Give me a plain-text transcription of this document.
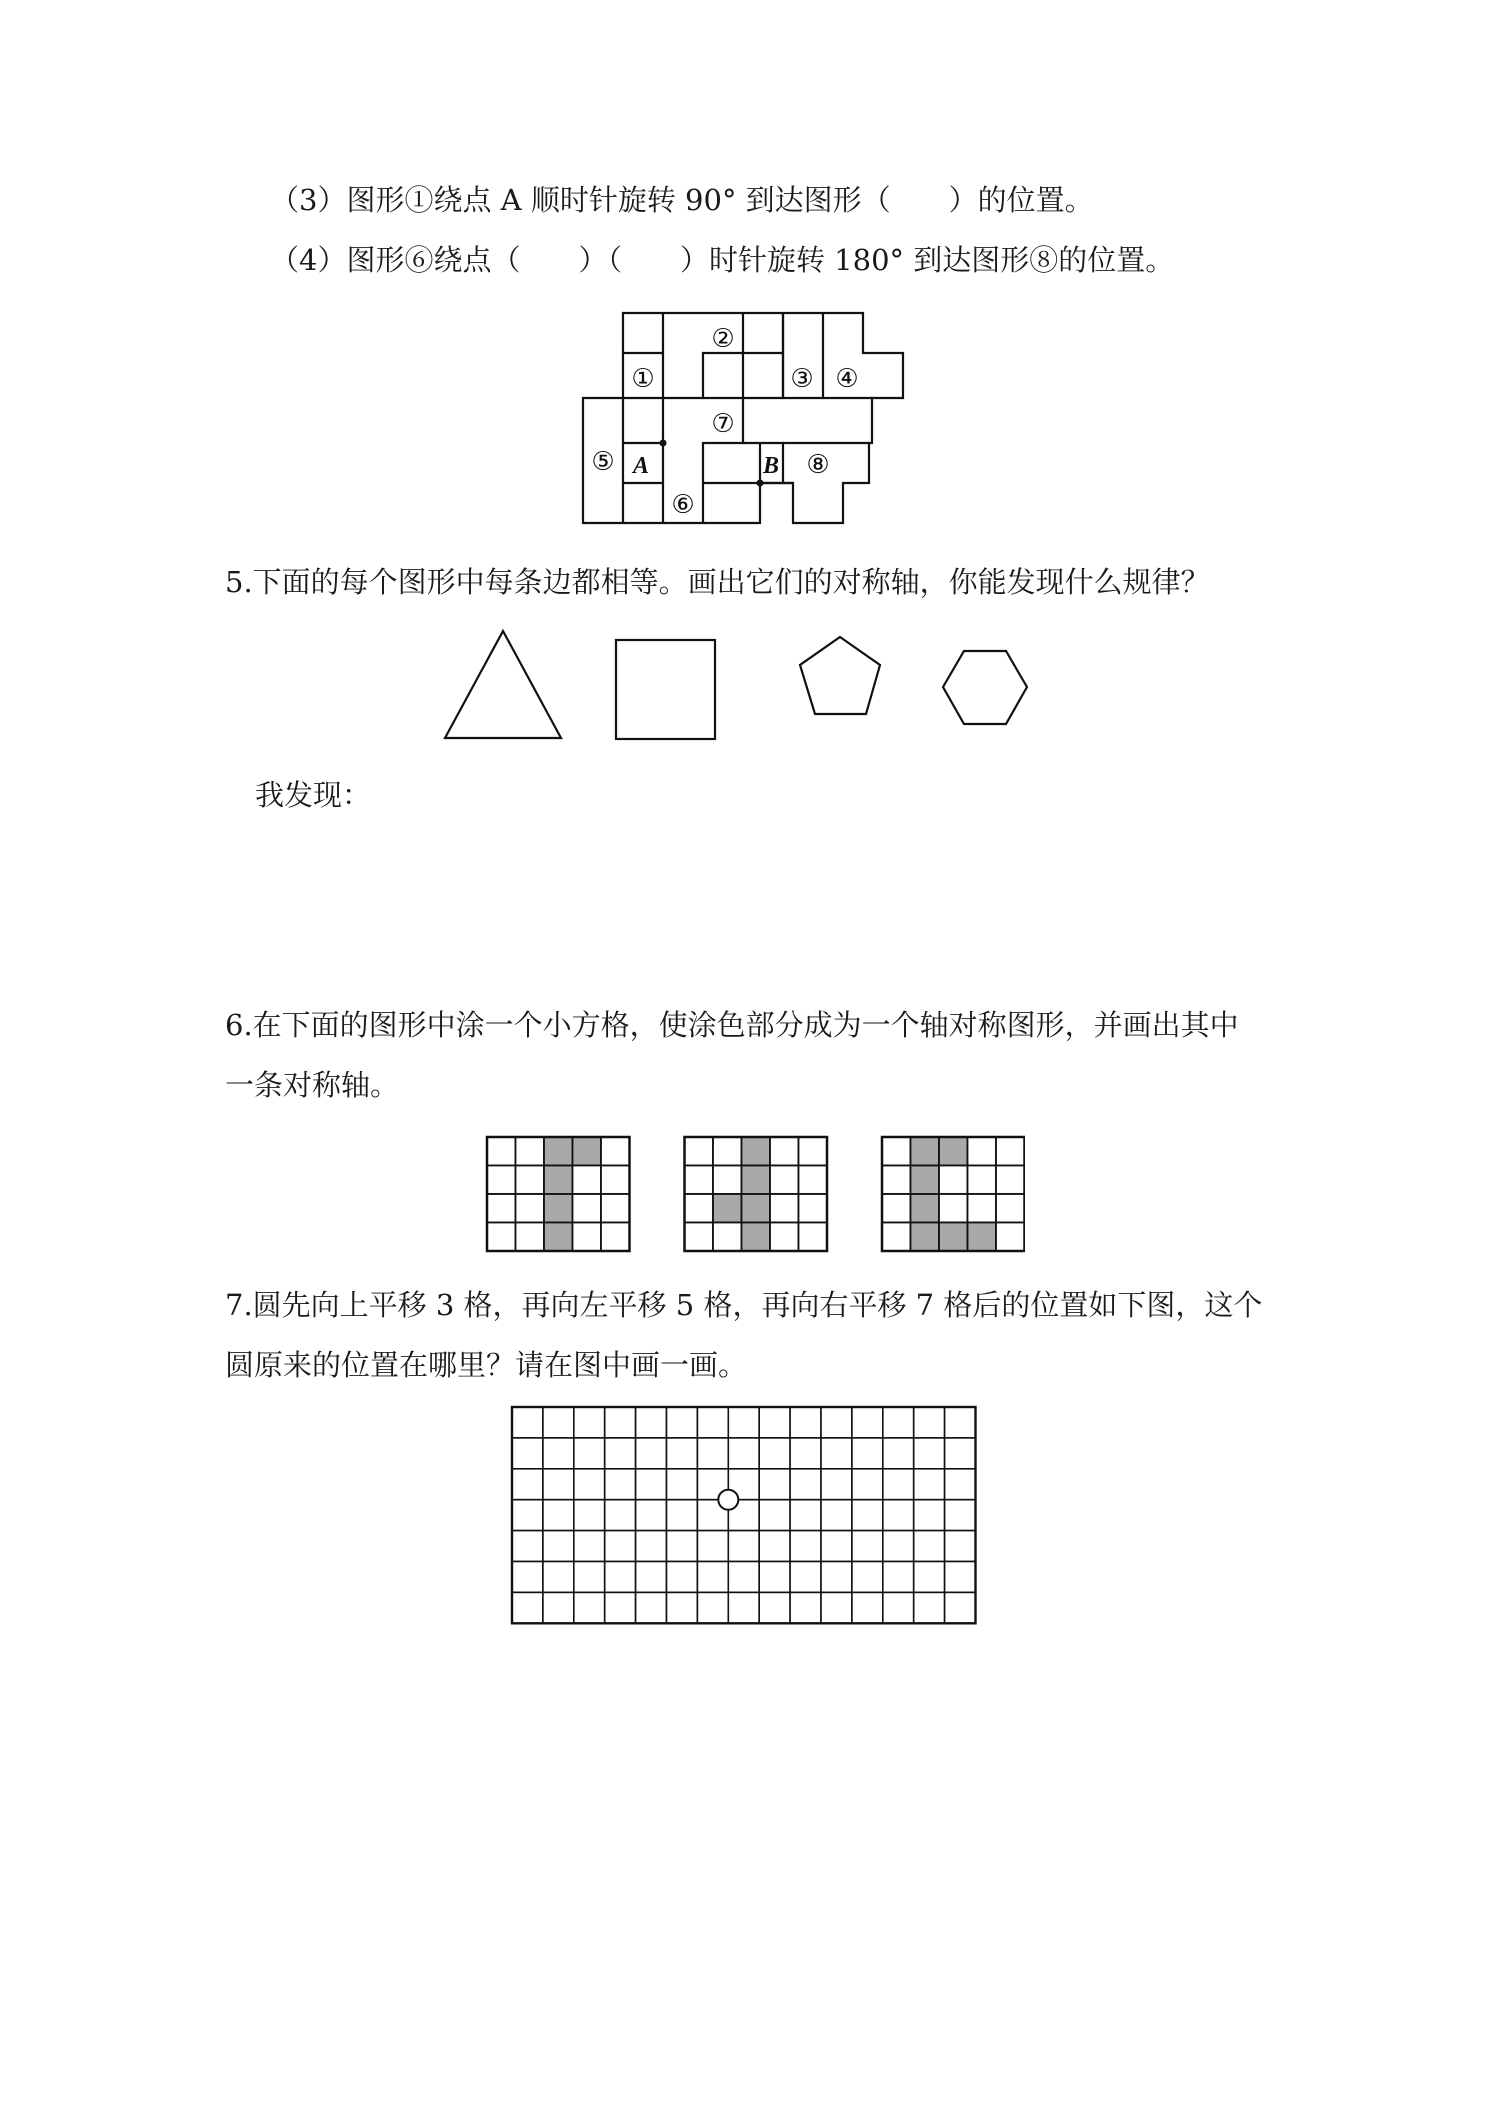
（3）图形①绕点 A 顺时针旋转 90° 到达图形（　　）的位置。
（4）图形⑥绕点（　　）（　　）时针旋转 180° 到达图形⑧的位置。
①
②
③ ④
⑤
⑥
⑦
⑧
A	B
5.下面的每个图形中每条边都相等。画出它们的对称轴，你能发现什么规律？
我发现：
6.在下面的图形中涂一个小方格，使涂色部分成为一个轴对称图形，并画出其中
一条对称轴。
7.圆先向上平移 3 格，再向左平移 5 格，再向右平移 7 格后的位置如下图，这个
圆原来的位置在哪里？请在图中画一画。
